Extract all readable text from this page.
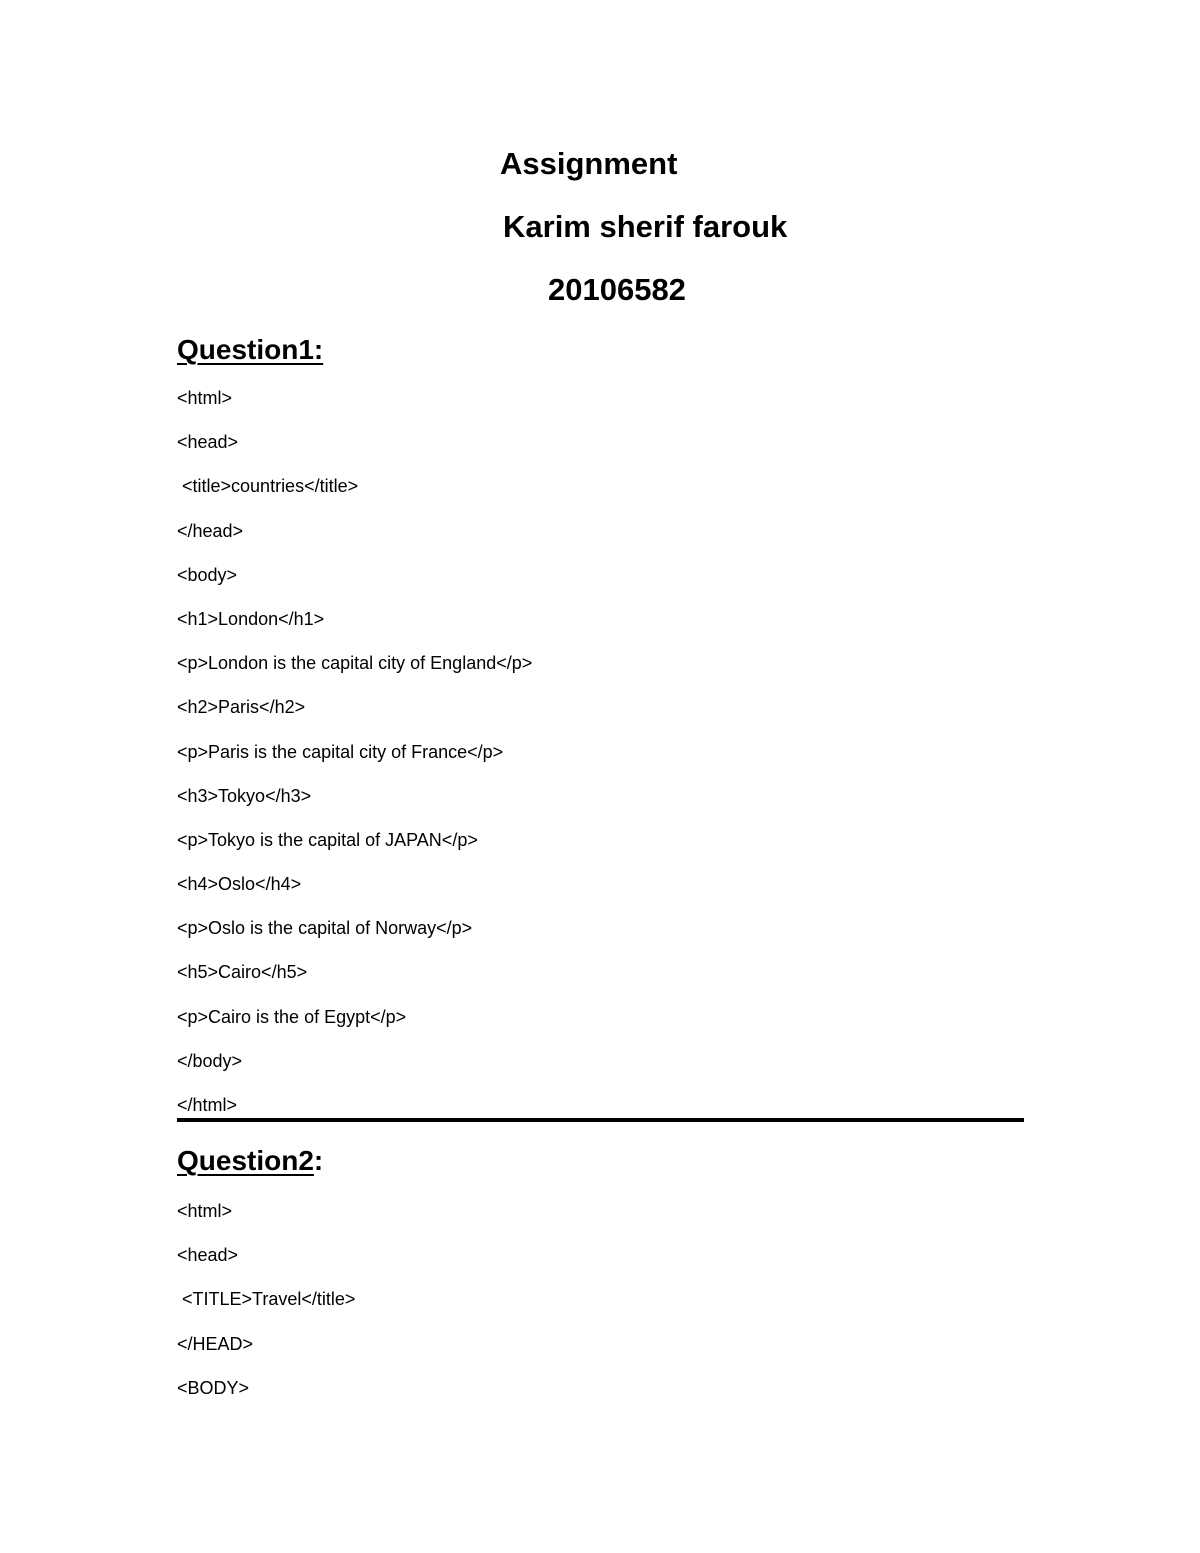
Assignment
Karim sherif farouk
20106582
Question1:
<html>
<head>
<title>countries</title>
</head>
<body>
<h1>London</h1>
<p>London is the capital city of England</p>
<h2>Paris</h2>
<p>Paris is the capital city of France</p>
<h3>Tokyo</h3>
<p>Tokyo is the capital of JAPAN</p>
<h4>Oslo</h4>
<p>Oslo is the capital of Norway</p>
<h5>Cairo</h5>
<p>Cairo is the of Egypt</p>
</body>
</html>
Question2:
<html>
<head>
<TITLE>Travel</title>
</HEAD>
<BODY>
